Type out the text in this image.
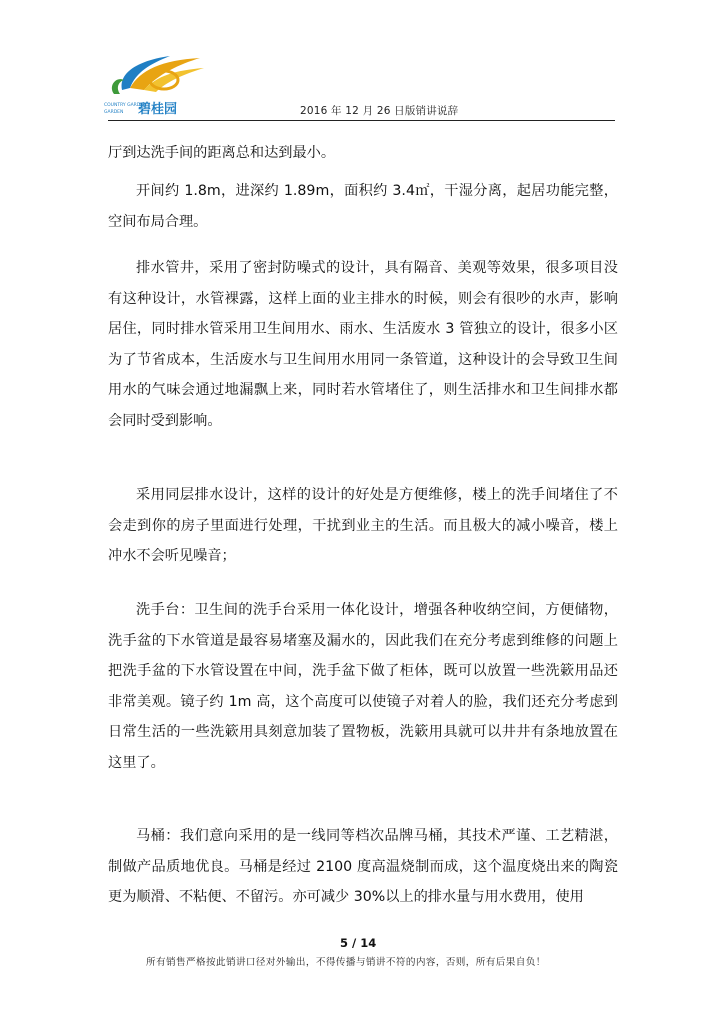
COUNTRY GARDEN
GARDEN 碧桂园	2016 年 12 月 26 日版销讲说辞

厅到达洗手间的距离总和达到最小。

开间约 1.8m，进深约 1.89m，面积约 3.4㎡，干湿分离，起居功能完整，空间布局合理。

排水管井，采用了密封防噪式的设计，具有隔音、美观等效果，很多项目没有这种设计，水管裸露，这样上面的业主排水的时候，则会有很吵的水声，影响居住，同时排水管采用卫生间用水、雨水、生活废水 3 管独立的设计，很多小区为了节省成本，生活废水与卫生间用水用同一条管道，这种设计的会导致卫生间用水的气味会通过地漏飘上来，同时若水管堵住了，则生活排水和卫生间排水都会同时受到影响。

采用同层排水设计，这样的设计的好处是方便维修，楼上的洗手间堵住了不会走到你的房子里面进行处理，干扰到业主的生活。而且极大的减小噪音，楼上冲水不会听见噪音；

洗手台：卫生间的洗手台采用一体化设计，增强各种收纳空间，方便储物，洗手盆的下水管道是最容易堵塞及漏水的，因此我们在充分考虑到维修的问题上把洗手盆的下水管设置在中间，洗手盆下做了柜体，既可以放置一些洗簌用品还非常美观。镜子约 1m 高，这个高度可以使镜子对着人的脸，我们还充分考虑到日常生活的一些洗簌用具刻意加装了置物板，洗簌用具就可以井井有条地放置在这里了。

马桶：我们意向采用的是一线同等档次品牌马桶，其技术严谨、工艺精湛，制做产品质地优良。马桶是经过 2100 度高温烧制而成，这个温度烧出来的陶瓷更为顺滑、不粘便、不留污。亦可减少 30%以上的排水量与用水费用，使用

5 / 14
所有销售严格按此销讲口径对外输出，不得传播与销讲不符的内容，否则，所有后果自负！
